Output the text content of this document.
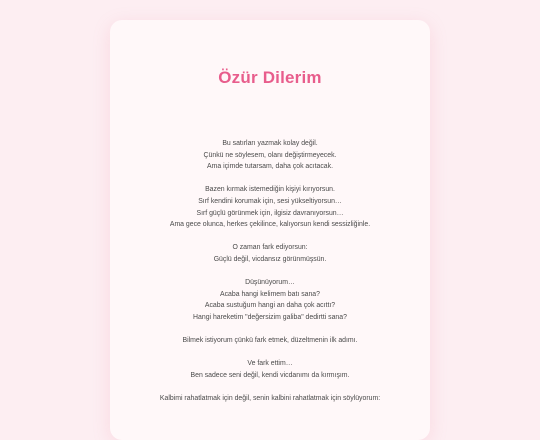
Özür Dilerim

Bu satırları yazmak kolay değil.
Çünkü ne söylesem, olanı değiştirmeyecek.
Ama içimde tutarsam, daha çok acıtacak.

Bazen kırmak istemediğin kişiyi kırıyorsun.
Sırf kendini korumak için, sesi yükseltiyorsun…
Sırf güçlü görünmek için, ilgisiz davranıyorsun…
Ama gece olunca, herkes çekilince, kalıyorsun kendi sessizliğinle.

O zaman fark ediyorsun:
Güçlü değil, vicdansız görünmüşsün.

Düşünüyorum…
Acaba hangi kelimem batı sana?
Acaba sustuğum hangi an daha çok acıttı?
Hangi hareketim "değersizim galiba" dedirtti sana?

Bilmek istiyorum çünkü fark etmek, düzeltmenin ilk adımı.

Ve fark ettim…
Ben sadece seni değil, kendi vicdanımı da kırmışım.

Kalbimi rahatlatmak için değil, senin kalbini rahatlatmak için söylüyorum:
